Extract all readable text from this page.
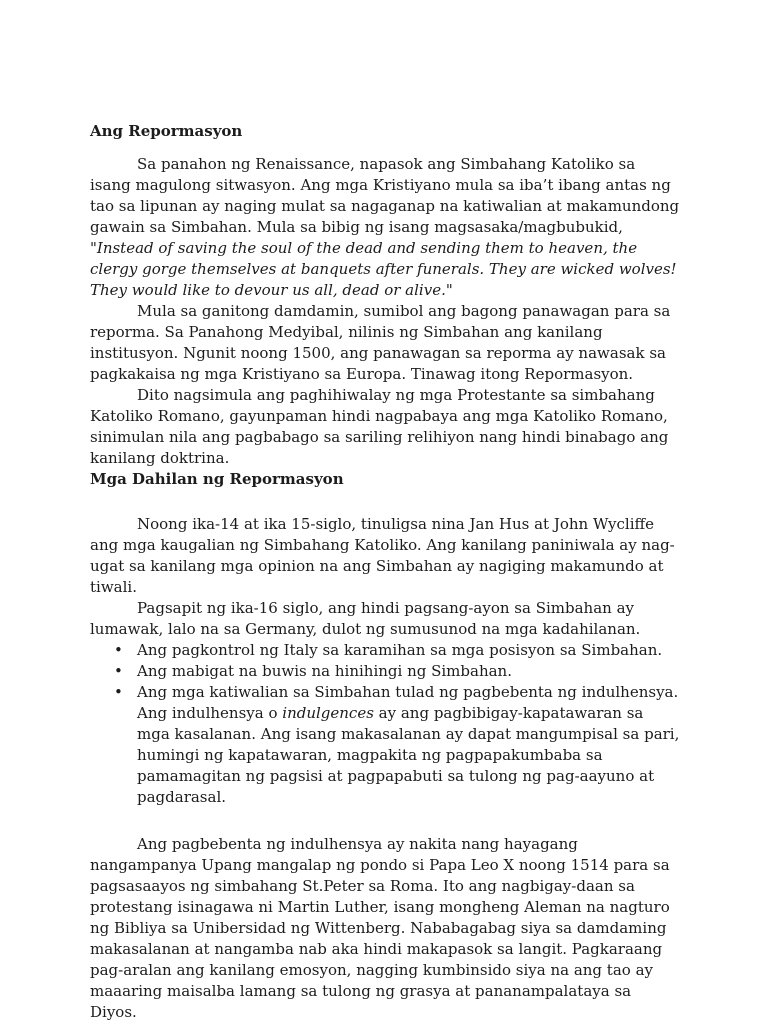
Ang Repormasyon

Sa panahon ng Renaissance, napasok ang Simbahang Katoliko sa isang magulong sitwasyon. Ang mga Kristiyano mula sa iba’t ibang antas ng tao sa lipunan ay naging mulat sa nagaganap na katiwalian at makamundong gawain sa Simbahan. Mula sa bibig ng isang magsasaka/magbubukid, "Instead of saving the soul of the dead and sending them to heaven, the clergy gorge themselves at banquets after funerals. They are wicked wolves! They would like to devour us all, dead or alive."

Mula sa ganitong damdamin, sumibol ang bagong panawagan para sa reporma. Sa Panahong Medyibal, nilinis ng Simbahan ang kanilang institusyon. Ngunit noong 1500, ang panawagan sa reporma ay nawasak sa pagkakaisa ng mga Kristiyano sa Europa. Tinawag itong Repormasyon.

Dito nagsimula ang paghihiwalay ng mga Protestante sa simbahang Katoliko Romano, gayunpaman hindi nagpabaya ang mga Katoliko Romano, sinimulan nila ang pagbabago sa sariling relihiyon nang hindi binabago ang kanilang doktrina.

Mga Dahilan ng Repormasyon

Noong ika-14 at ika 15-siglo, tinuligsa nina Jan Hus at John Wycliffe ang mga kaugalian ng Simbahang Katoliko. Ang kanilang paniniwala ay nag-ugat sa kanilang mga opinion na ang Simbahan ay nagiging makamundo at tiwali.

Pagsapit ng ika-16 siglo, ang hindi pagsang-ayon sa Simbahan ay lumawak, lalo na sa Germany, dulot ng sumusunod na mga kadahilanan.

• Ang pagkontrol ng Italy sa karamihan sa mga posisyon sa Simbahan.
• Ang mabigat na buwis na hinihingi ng Simbahan.
• Ang mga katiwalian sa Simbahan tulad ng pagbebenta ng indulhensya. Ang indulhensya o indulgences ay ang pagbibigay-kapatawaran sa mga kasalanan. Ang isang makasalanan ay dapat mangumpisal sa pari, humingi ng kapatawaran, magpakita ng pagpapakumbaba sa pamamagitan ng pagsisi at pagpapabuti sa tulong ng pag-aayuno at pagdarasal.

Ang pagbebenta ng indulhensya ay nakita nang hayagang nangampanya Upang mangalap ng pondo si Papa Leo X noong 1514 para sa pagsasaayos ng simbahang St.Peter sa Roma. Ito ang nagbigay-daan sa protestang isinagawa ni Martin Luther, isang mongheng Aleman na nagturo ng Bibliya sa Unibersidad ng Wittenberg. Nababagabag siya sa damdaming makasalanan at nangamba nab aka hindi makapasok sa langit. Pagkaraang pag-aralan ang kanilang emosyon, nagging kumbinsido siya na ang tao ay maaaring maisalba lamang sa tulong ng grasya at pananampalataya sa Diyos.
